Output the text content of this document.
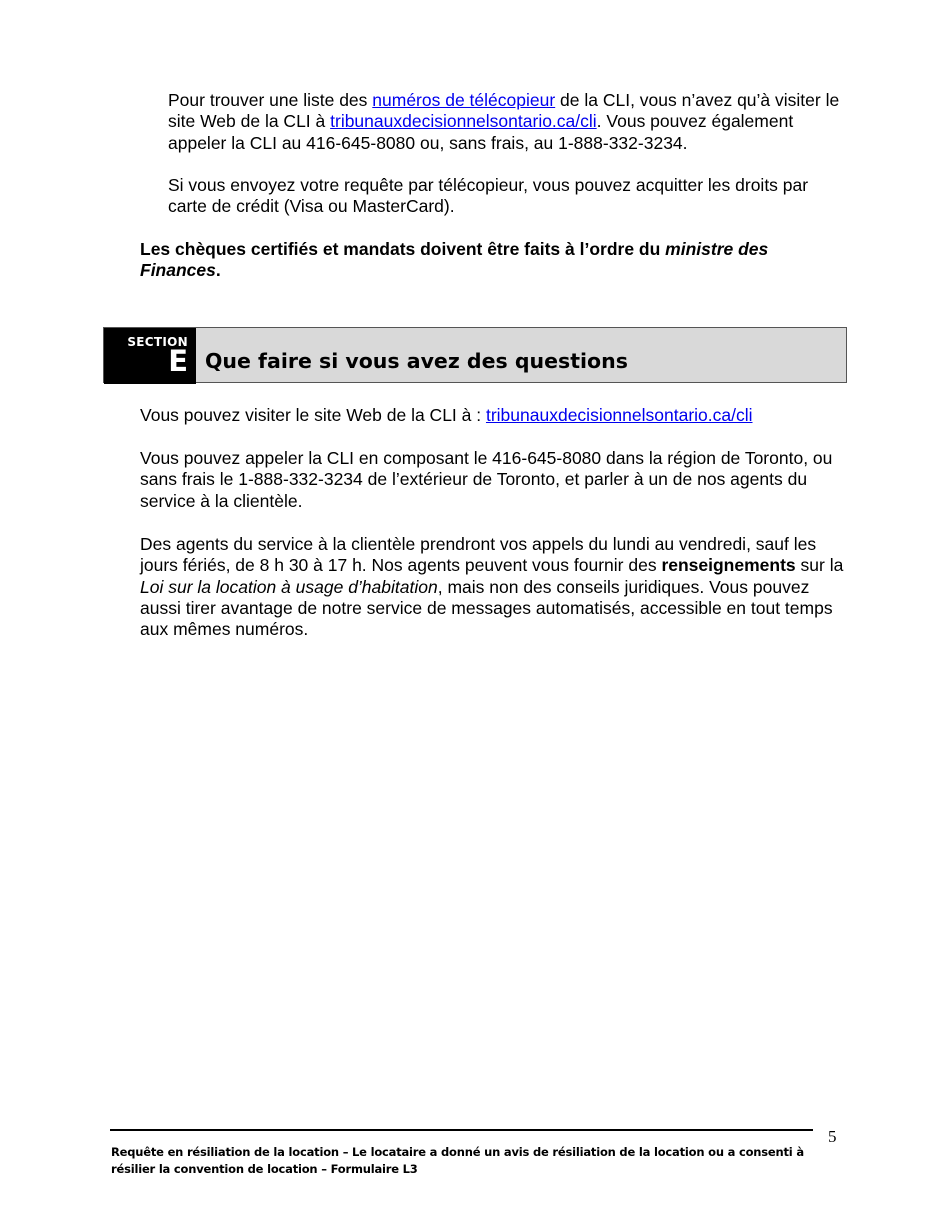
Pour trouver une liste des numéros de télécopieur de la CLI, vous n’avez qu’à visiter le site Web de la CLI à tribunauxdecisionnelsontario.ca/cli. Vous pouvez également appeler la CLI au 416-645-8080 ou, sans frais, au 1-888-332-3234.

Si vous envoyez votre requête par télécopieur, vous pouvez acquitter les droits par carte de crédit (Visa ou MasterCard).

Les chèques certifiés et mandats doivent être faits à l’ordre du ministre des Finances.

SECTION
E Que faire si vous avez des questions

Vous pouvez visiter le site Web de la CLI à : tribunauxdecisionnelsontario.ca/cli

Vous pouvez appeler la CLI en composant le 416-645-8080 dans la région de Toronto, ou sans frais le 1-888-332-3234 de l’extérieur de Toronto, et parler à un de nos agents du service à la clientèle.

Des agents du service à la clientèle prendront vos appels du lundi au vendredi, sauf les jours fériés, de 8 h 30 à 17 h. Nos agents peuvent vous fournir des renseignements sur la Loi sur la location à usage d’habitation, mais non des conseils juridiques. Vous pouvez aussi tirer avantage de notre service de messages automatisés, accessible en tout temps aux mêmes numéros.

5
Requête en résiliation de la location – Le locataire a donné un avis de résiliation de la location ou a consenti à résilier la convention de location – Formulaire L3
